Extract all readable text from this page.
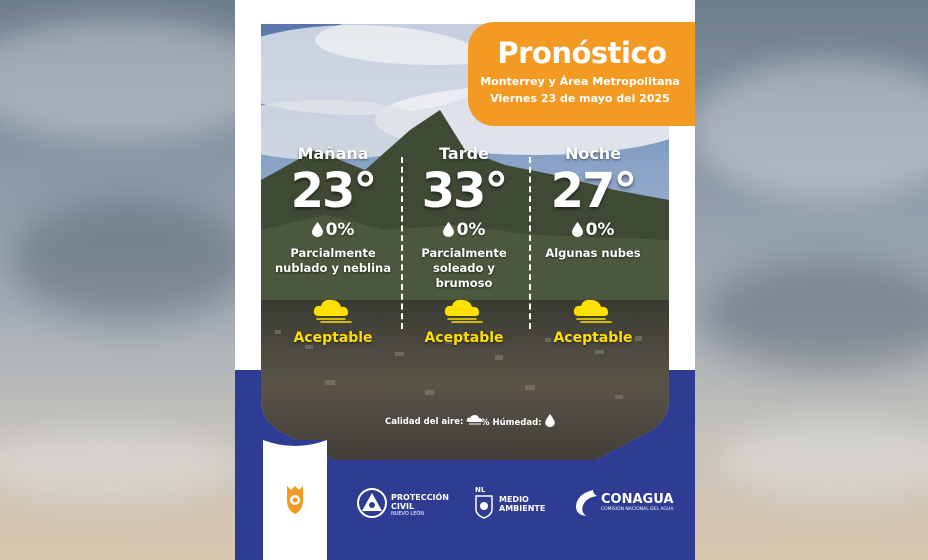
Pronóstico
Monterrey y Área Metropolitana
Viernes 23 de mayo del 2025
Mañana
23°
0%
Parcialmente
nublado y neblina
Aceptable
Tarde
33°
0%
Parcialmente
soleado y
brumoso
Aceptable
Noche
27°
0%
Algunas nubes
Aceptable
Calidad del aire:	% Húmedad:
PROTECCIÓN
CIVIL
NUEVO LEÓN
NL
MEDIO
AMBIENTE
CONAGUA
COMISIÓN NACIONAL DEL AGUA
